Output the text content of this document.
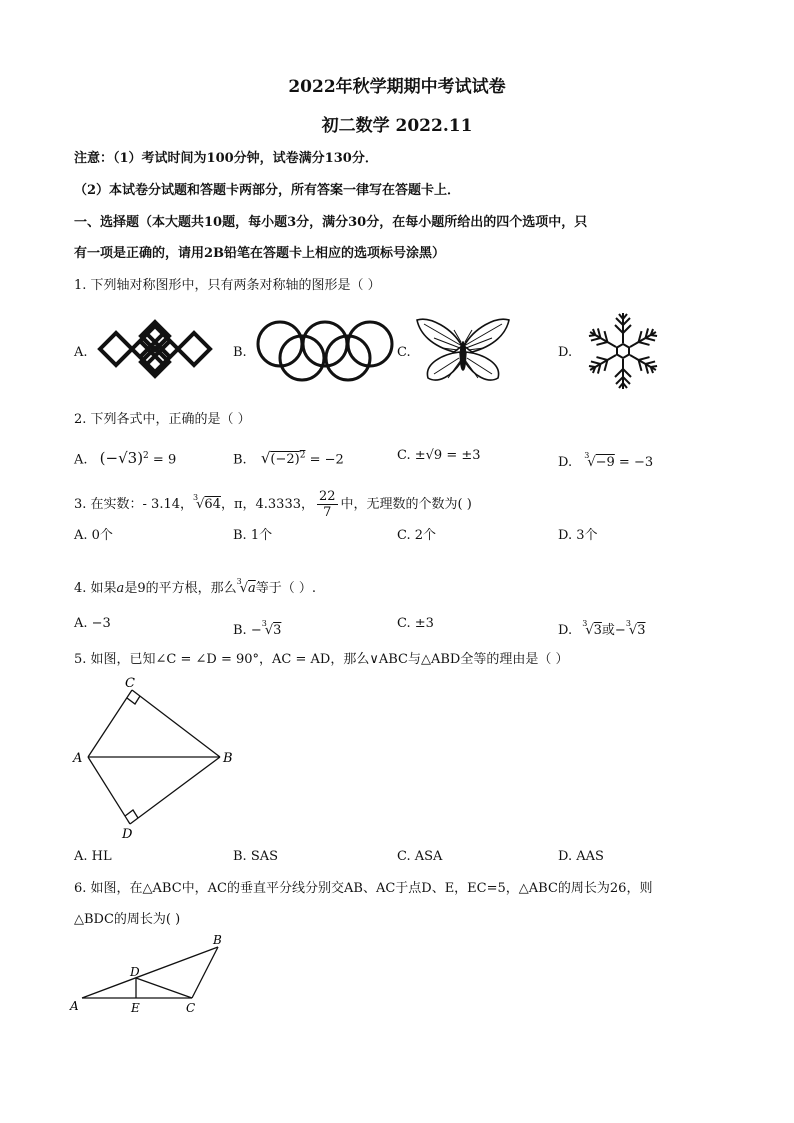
2022年秋学期期中考试试卷
初二数学 2022.11
注意：（1）考试时间为100分钟，试卷满分130分．
（2）本试卷分试题和答题卡两部分，所有答案一律写在答题卡上．
一、选择题（本大题共10题，每小题3分，满分30分，在每小题所给出的四个选项中，只
有一项是正确的，请用2B铅笔在答题卡上相应的选项标号涂黑）
1. 下列轴对称图形中，只有两条对称轴的图形是（ ）
A.	B.	C.	D.
2. 下列各式中，正确的是（ ）
A. $(-√3)^2 = 9$	B. $√(-2)^2 = -2$	C. ±√9 = ±3	D. $^3$√−9 = −3
3. 在实数：- 3.14，$^3$√64，π，4.3333， $\frac{22}{7}$ 中，无理数的个数为( )
A. 0个	B. 1个	C. 2个	D. 3个
4. 如果a是9的平方根，那么$^3$√a等于（ ）.
A. −3	B. −$^3$√3	C. ±3	D. $^3$√3或−$^3$√3
5. 如图，已知∠C = ∠D = 90°，AC = AD，那么∨ABC与△ABD全等的理由是（ ）
C
A	B
D
A. HL	B. SAS	C. ASA	D. AAS
6. 如图，在△ABC中，AC的垂直平分线分别交AB、AC于点D、E，EC=5，△ABC的周长为26，则
△BDC的周长为( )
B
D
A	E	C
